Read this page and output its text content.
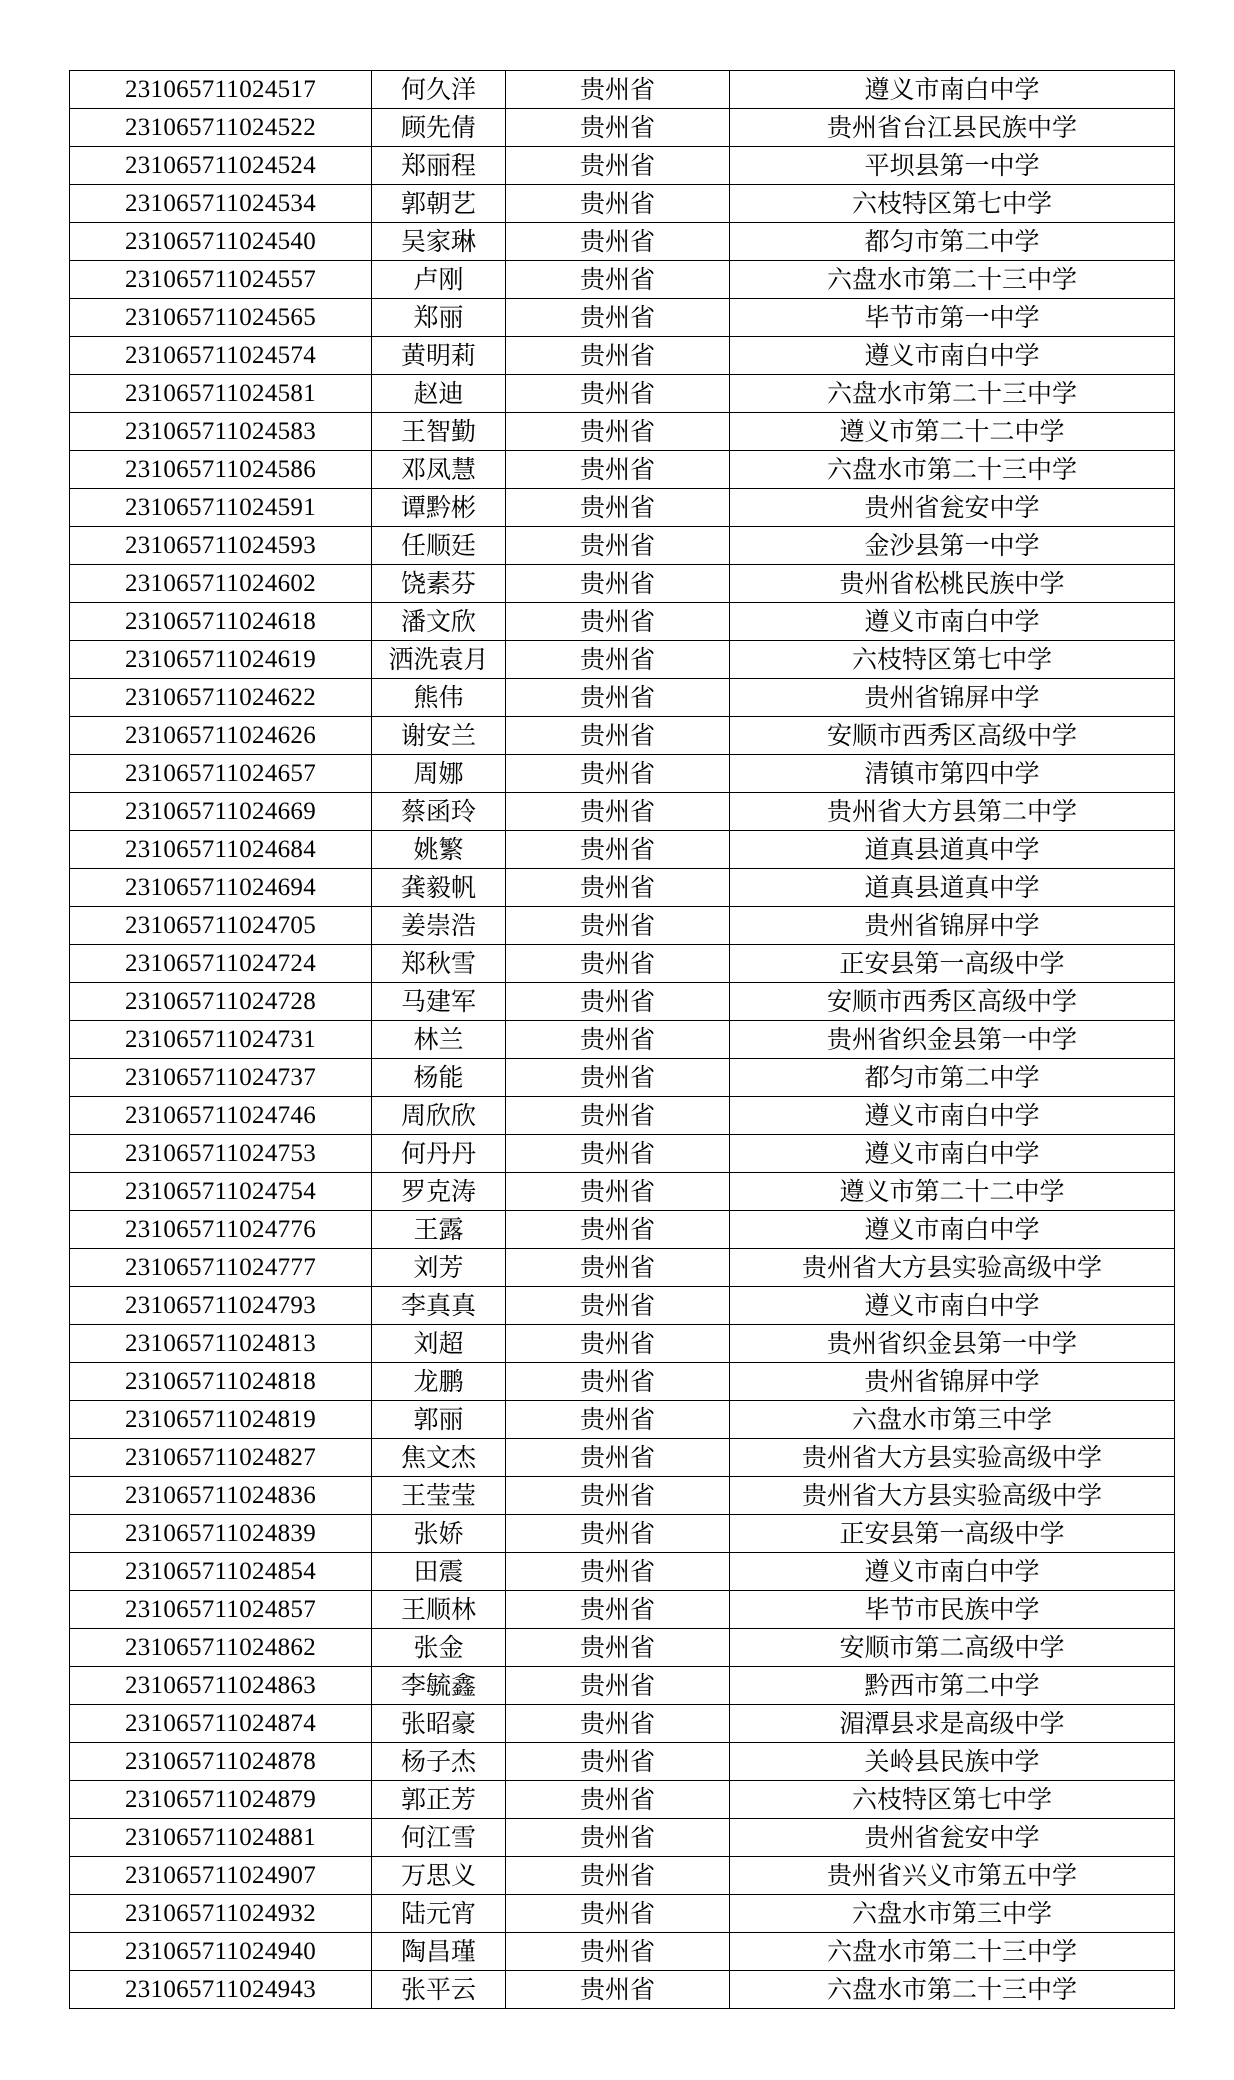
231065711024517	何久洋	贵州省	遵义市南白中学
231065711024522	顾先倩	贵州省	贵州省台江县民族中学
231065711024524	郑丽程	贵州省	平坝县第一中学
231065711024534	郭朝艺	贵州省	六枝特区第七中学
231065711024540	吴家琳	贵州省	都匀市第二中学
231065711024557	卢刚	贵州省	六盘水市第二十三中学
231065711024565	郑丽	贵州省	毕节市第一中学
231065711024574	黄明莉	贵州省	遵义市南白中学
231065711024581	赵迪	贵州省	六盘水市第二十三中学
231065711024583	王智勤	贵州省	遵义市第二十二中学
231065711024586	邓凤慧	贵州省	六盘水市第二十三中学
231065711024591	谭黔彬	贵州省	贵州省瓮安中学
231065711024593	任顺廷	贵州省	金沙县第一中学
231065711024602	饶素芬	贵州省	贵州省松桃民族中学
231065711024618	潘文欣	贵州省	遵义市南白中学
231065711024619	洒洗袁月	贵州省	六枝特区第七中学
231065711024622	熊伟	贵州省	贵州省锦屏中学
231065711024626	谢安兰	贵州省	安顺市西秀区高级中学
231065711024657	周娜	贵州省	清镇市第四中学
231065711024669	蔡函玲	贵州省	贵州省大方县第二中学
231065711024684	姚繁	贵州省	道真县道真中学
231065711024694	龚毅帆	贵州省	道真县道真中学
231065711024705	姜崇浩	贵州省	贵州省锦屏中学
231065711024724	郑秋雪	贵州省	正安县第一高级中学
231065711024728	马建军	贵州省	安顺市西秀区高级中学
231065711024731	林兰	贵州省	贵州省织金县第一中学
231065711024737	杨能	贵州省	都匀市第二中学
231065711024746	周欣欣	贵州省	遵义市南白中学
231065711024753	何丹丹	贵州省	遵义市南白中学
231065711024754	罗克涛	贵州省	遵义市第二十二中学
231065711024776	王露	贵州省	遵义市南白中学
231065711024777	刘芳	贵州省	贵州省大方县实验高级中学
231065711024793	李真真	贵州省	遵义市南白中学
231065711024813	刘超	贵州省	贵州省织金县第一中学
231065711024818	龙鹏	贵州省	贵州省锦屏中学
231065711024819	郭丽	贵州省	六盘水市第三中学
231065711024827	焦文杰	贵州省	贵州省大方县实验高级中学
231065711024836	王莹莹	贵州省	贵州省大方县实验高级中学
231065711024839	张娇	贵州省	正安县第一高级中学
231065711024854	田震	贵州省	遵义市南白中学
231065711024857	王顺林	贵州省	毕节市民族中学
231065711024862	张金	贵州省	安顺市第二高级中学
231065711024863	李毓鑫	贵州省	黔西市第二中学
231065711024874	张昭豪	贵州省	湄潭县求是高级中学
231065711024878	杨子杰	贵州省	关岭县民族中学
231065711024879	郭正芳	贵州省	六枝特区第七中学
231065711024881	何江雪	贵州省	贵州省瓮安中学
231065711024907	万思义	贵州省	贵州省兴义市第五中学
231065711024932	陆元宵	贵州省	六盘水市第三中学
231065711024940	陶昌瑾	贵州省	六盘水市第二十三中学
231065711024943	张平云	贵州省	六盘水市第二十三中学
